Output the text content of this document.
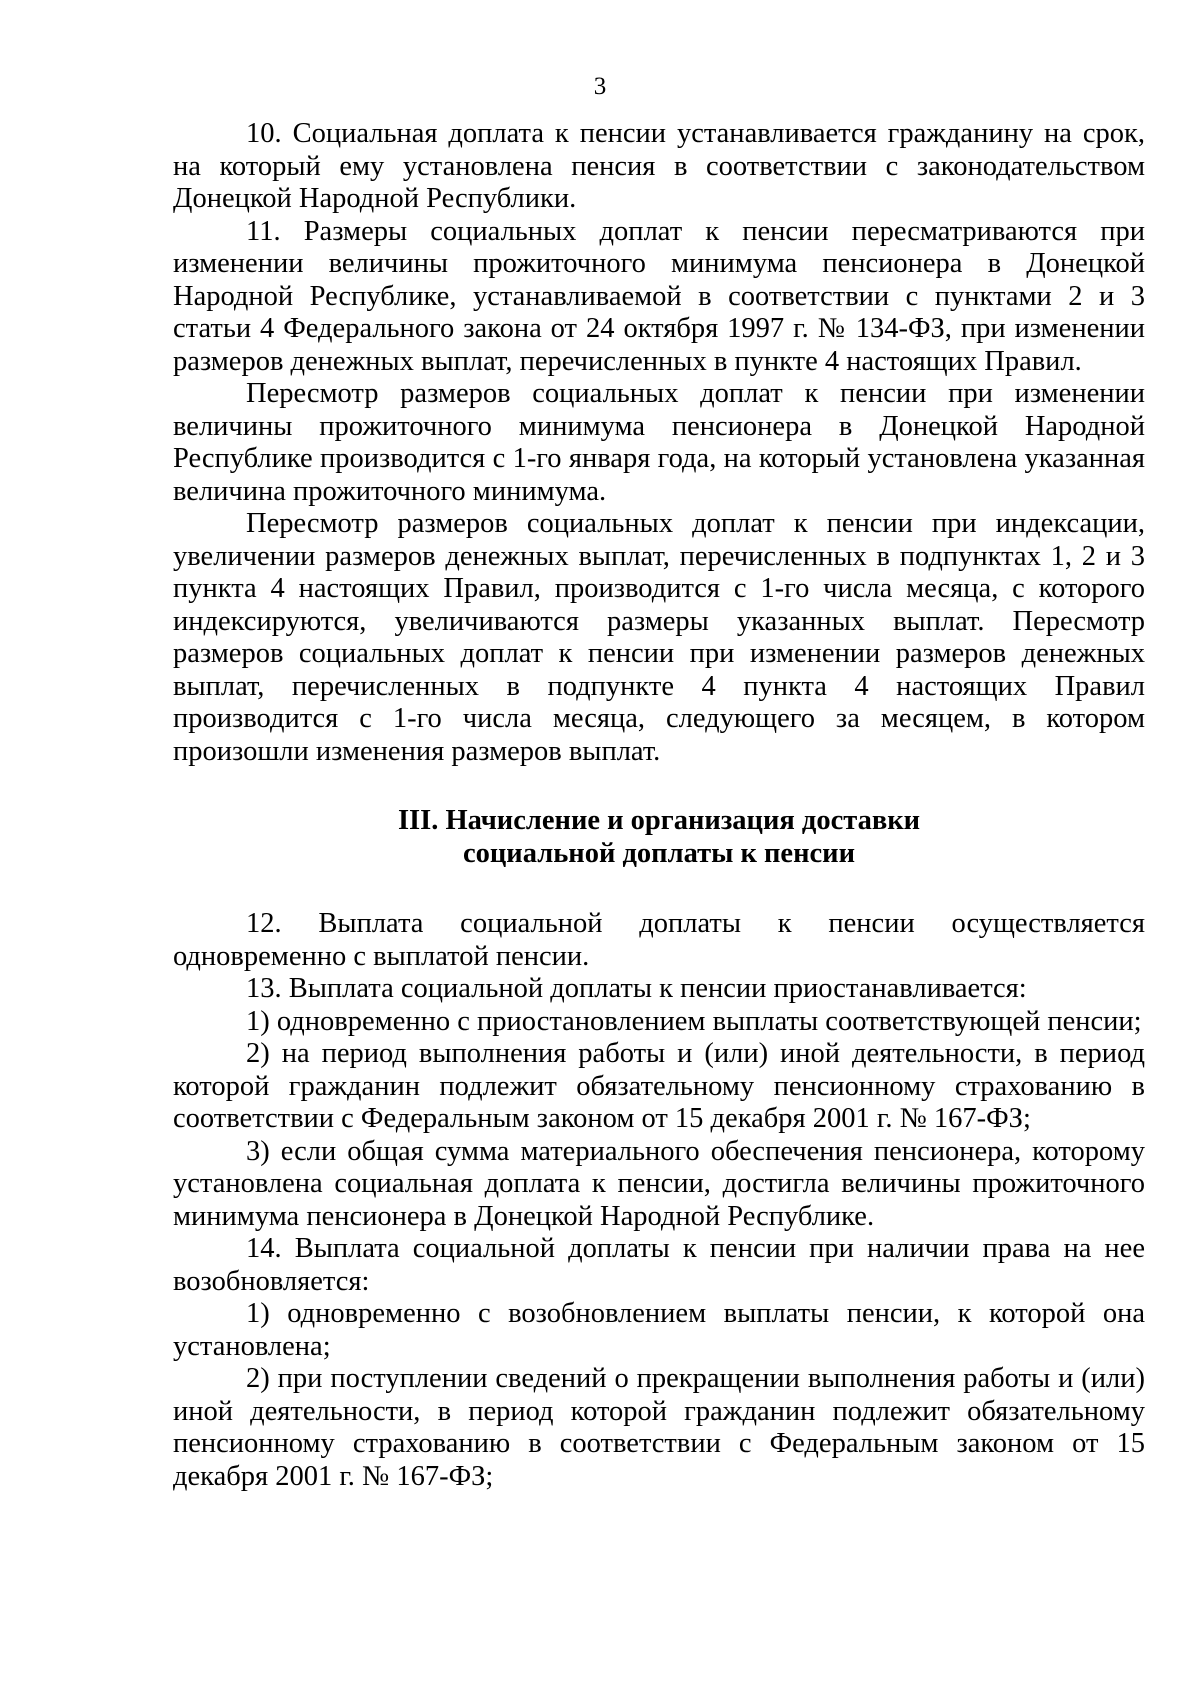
3

10. Социальная доплата к пенсии устанавливается гражданину на срок, на который ему установлена пенсия в соответствии с законодательством Донецкой Народной Республики.

11. Размеры социальных доплат к пенсии пересматриваются при изменении величины прожиточного минимума пенсионера в Донецкой Народной Республике, устанавливаемой в соответствии с пунктами 2 и 3 статьи 4 Федерального закона от 24 октября 1997 г. № 134-ФЗ, при изменении размеров денежных выплат, перечисленных в пункте 4 настоящих Правил.

Пересмотр размеров социальных доплат к пенсии при изменении величины прожиточного минимума пенсионера в Донецкой Народной Республике производится с 1-го января года, на который установлена указанная величина прожиточного минимума.

Пересмотр размеров социальных доплат к пенсии при индексации, увеличении размеров денежных выплат, перечисленных в подпунктах 1, 2 и 3 пункта 4 настоящих Правил, производится с 1-го числа месяца, с которого индексируются, увеличиваются размеры указанных выплат. Пересмотр размеров социальных доплат к пенсии при изменении размеров денежных выплат, перечисленных в подпункте 4 пункта 4 настоящих Правил производится с 1-го числа месяца, следующего за месяцем, в котором произошли изменения размеров выплат.

III. Начисление и организация доставки
социальной доплаты к пенсии

12. Выплата социальной доплаты к пенсии осуществляется одновременно с выплатой пенсии.

13. Выплата социальной доплаты к пенсии приостанавливается:

1) одновременно с приостановлением выплаты соответствующей пенсии;

2) на период выполнения работы и (или) иной деятельности, в период которой гражданин подлежит обязательному пенсионному страхованию в соответствии с Федеральным законом от 15 декабря 2001 г. № 167-ФЗ;

3) если общая сумма материального обеспечения пенсионера, которому установлена социальная доплата к пенсии, достигла величины прожиточного минимума пенсионера в Донецкой Народной Республике.

14. Выплата социальной доплаты к пенсии при наличии права на нее возобновляется:

1) одновременно с возобновлением выплаты пенсии, к которой она установлена;

2) при поступлении сведений о прекращении выполнения работы и (или) иной деятельности, в период которой гражданин подлежит обязательному пенсионному страхованию в соответствии с Федеральным законом от 15 декабря 2001 г. № 167-ФЗ;
